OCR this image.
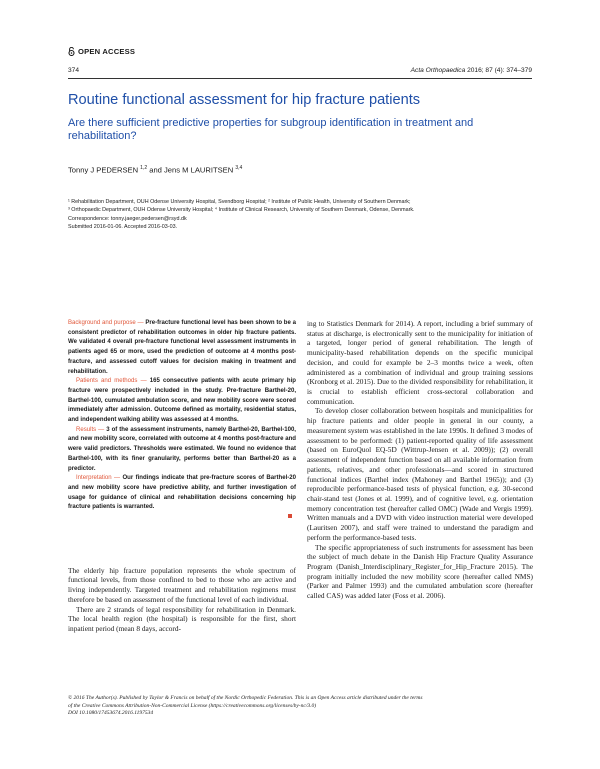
OPEN ACCESS
374	Acta Orthopaedica 2016; 87 (4): 374–379
Routine functional assessment for hip fracture patients
Are there sufficient predictive properties for subgroup identification in treatment and rehabilitation?
Tonny J PEDERSEN $^{1,2}$ and Jens M LAURITSEN $^{3,4}$
¹ Rehabilitation Department, OUH Odense University Hospital, Svendborg Hospital; ² Institute of Public Health, University of Southern Denmark;
³ Orthopaedic Department, OUH Odense University Hospital; ⁴ Institute of Clinical Research, University of Southern Denmark, Odense, Denmark.
Correspondence: tonny.jaeger.pedersen@rsyd.dk
Submitted 2016-01-06. Accepted 2016-03-03.

Background and purpose — Pre-fracture functional level has been shown to be a consistent predictor of rehabilitation outcomes in older hip fracture patients. We validated 4 overall pre-fracture functional level assessment instruments in patients aged 65 or more, used the prediction of outcome at 4 months post-fracture, and assessed cutoff values for decision making in treatment and rehabilitation.

Patients and methods — 165 consecutive patients with acute primary hip fracture were prospectively included in the study. Pre-fracture Barthel-20, Barthel-100, cumulated ambulation score, and new mobility score were scored immediately after admission. Outcome defined as mortality, residential status, and independent walking ability was assessed at 4 months.

Results — 3 of the assessment instruments, namely Barthel-20, Barthel-100, and new mobility score, correlated with outcome at 4 months post-fracture and were valid predictors. Thresholds were estimated. We found no evidence that Barthel-100, with its finer granularity, performs better than Barthel-20 as a predictor.

Interpretation — Our findings indicate that pre-fracture scores of Barthel-20 and new mobility score have predictive ability, and further investigation of usage for guidance of clinical and rehabilitation decisions concerning hip fracture patients is warranted.

The elderly hip fracture population represents the whole spectrum of functional levels, from those confined to bed to those who are active and living independently. Targeted treatment and rehabilitation regimens must therefore be based on assessment of the functional level of each individual.

There are 2 strands of legal responsibility for rehabilitation in Denmark. The local health region (the hospital) is responsible for the first, short inpatient period (mean 8 days, accord-

ing to Statistics Denmark for 2014). A report, including a brief summary of status at discharge, is electronically sent to the municipality for initiation of a targeted, longer period of general rehabilitation. The length of municipality-based rehabilitation depends on the specific municipal decision, and could for example be 2–3 months twice a week, often administered as a combination of individual and group training sessions (Kronborg et al. 2015). Due to the divided responsibility for rehabilitation, it is crucial to establish efficient cross-sectoral collaboration and communication.

To develop closer collaboration between hospitals and municipalities for hip fracture patients and older people in general in our county, a measurement system was established in the late 1990s. It defined 3 modes of assessment to be performed: (1) patient-reported quality of life assessment (based on EuroQuol EQ-5D (Wittrup-Jensen et al. 2009)); (2) overall assessment of independent function based on all available information from patients, relatives, and other professionals—and scored in structured functional indices (Barthel index (Mahoney and Barthel 1965)); and (3) reproducible performance-based tests of physical function, e.g. 30-second chair-stand test (Jones et al. 1999), and of cognitive level, e.g. orientation memory concentration test (hereafter called OMC) (Wade and Vergis 1999). Written manuals and a DVD with video instruction material were developed (Lauritsen 2007), and staff were trained to understand the paradigm and perform the performance-based tests.

The specific appropriateness of such instruments for assessment has been the subject of much debate in the Danish Hip Fracture Quality Assurance Program (Danish_Interdisciplinary_Register_for_Hip_Fracture 2015). The program initially included the new mobility score (hereafter called NMS) (Parker and Palmer 1993) and the cumulated ambulation score (hereafter called CAS) was added later (Foss et al. 2006).

© 2016 The Author(s). Published by Taylor & Francis on behalf of the Nordic Orthopedic Federation. This is an Open Access article distributed under the terms
of the Creative Commons Attribution-Non-Commercial License (https://creativecommons.org/licenses/by-nc/3.0)
DOI 10.1080/17453674.2016.1197534
